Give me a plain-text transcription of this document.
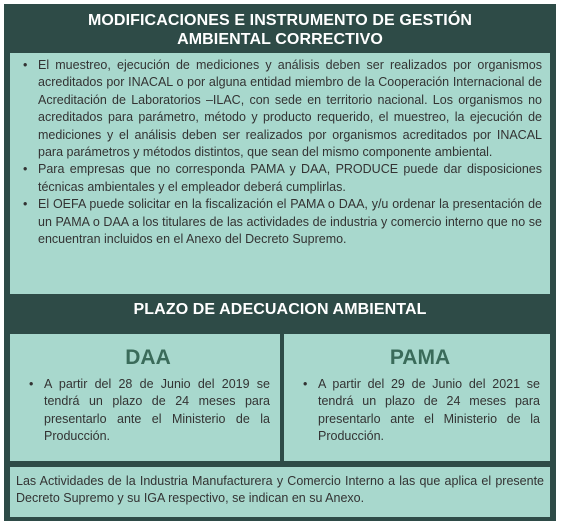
MODIFICACIONES E INSTRUMENTO DE GESTIÓN
AMBIENTAL CORRECTIVO
• El muestreo, ejecución de mediciones y análisis deben ser realizados por organismos acreditados por INACAL o por alguna entidad miembro de la Cooperación Internacional de Acreditación de Laboratorios –ILAC, con sede en territorio nacional. Los organismos no acreditados para parámetro, método y producto requerido, el muestreo, la ejecución de mediciones y el análisis deben ser realizados por organismos acreditados por INACAL para parámetros y métodos distintos, que sean del mismo componente ambiental.
• Para empresas que no corresponda PAMA y DAA, PRODUCE puede dar disposiciones técnicas ambientales y el empleador deberá cumplirlas.
• El OEFA puede solicitar en la fiscalización el PAMA o DAA, y/u ordenar la presentación de un PAMA o DAA a los titulares de las actividades de industria y comercio interno que no se encuentran incluidos en el Anexo del Decreto Supremo.
PLAZO DE ADECUACION AMBIENTAL
DAA
• A partir del 28 de Junio del 2019 se tendrá un plazo de 24 meses para presentarlo ante el Ministerio de la Producción.
PAMA
• A partir del 29 de Junio del 2021 se tendrá un plazo de 24 meses para presentarlo ante el Ministerio de la Producción.
Las Actividades de la Industria Manufacturera y Comercio Interno a las que aplica el presente Decreto Supremo y su IGA respectivo, se indican en su Anexo.
